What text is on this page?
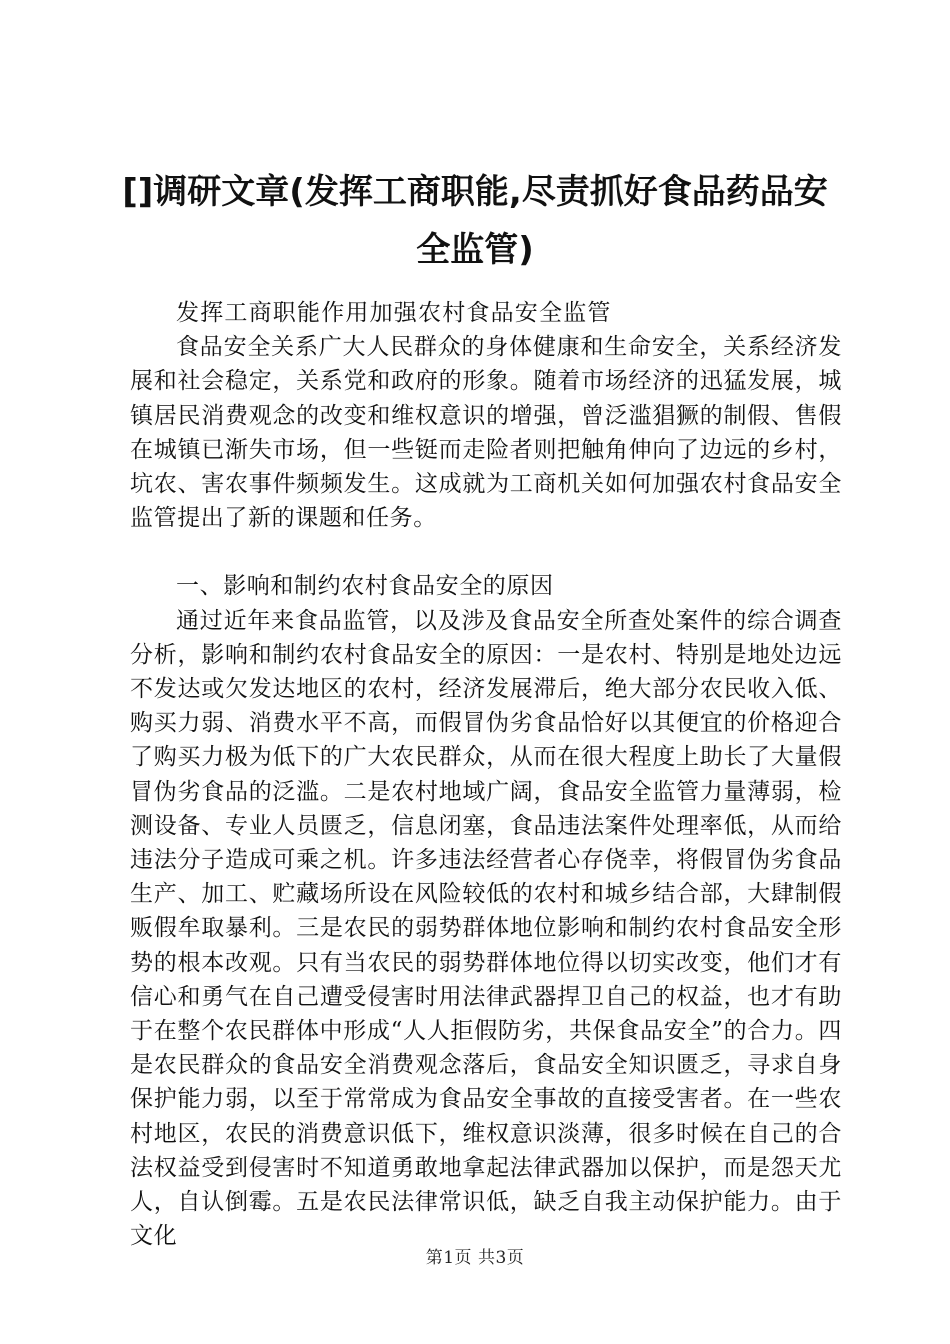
[]调研文章(发挥工商职能,尽责抓好食品药品安全监管)

发挥工商职能作用加强农村食品安全监管

食品安全关系广大人民群众的身体健康和生命安全，关系经济发展和社会稳定，关系党和政府的形象。随着市场经济的迅猛发展，城镇居民消费观念的改变和维权意识的增强，曾泛滥猖獗的制假、售假在城镇已渐失市场，但一些铤而走险者则把触角伸向了边远的乡村，坑农、害农事件频频发生。这成就为工商机关如何加强农村食品安全监管提出了新的课题和任务。

一、影响和制约农村食品安全的原因

通过近年来食品监管，以及涉及食品安全所查处案件的综合调查分析，影响和制约农村食品安全的原因：一是农村、特别是地处边远不发达或欠发达地区的农村，经济发展滞后，绝大部分农民收入低、购买力弱、消费水平不高，而假冒伪劣食品恰好以其便宜的价格迎合了购买力极为低下的广大农民群众，从而在很大程度上助长了大量假冒伪劣食品的泛滥。二是农村地域广阔，食品安全监管力量薄弱，检测设备、专业人员匮乏，信息闭塞，食品违法案件处理率低，从而给违法分子造成可乘之机。许多违法经营者心存侥幸，将假冒伪劣食品生产、加工、贮藏场所设在风险较低的农村和城乡结合部，大肆制假贩假牟取暴利。三是农民的弱势群体地位影响和制约农村食品安全形势的根本改观。只有当农民的弱势群体地位得以切实改变，他们才有信心和勇气在自己遭受侵害时用法律武器捍卫自己的权益，也才有助于在整个农民群体中形成“人人拒假防劣，共保食品安全”的合力。四是农民群众的食品安全消费观念落后，食品安全知识匮乏，寻求自身保护能力弱，以至于常常成为食品安全事故的直接受害者。在一些农村地区，农民的消费意识低下，维权意识淡薄，很多时候在自己的合法权益受到侵害时不知道勇敢地拿起法律武器加以保护，而是怨天尤人，自认倒霉。五是农民法律常识低，缺乏自我主动保护能力。由于文化

第1页 共3页
